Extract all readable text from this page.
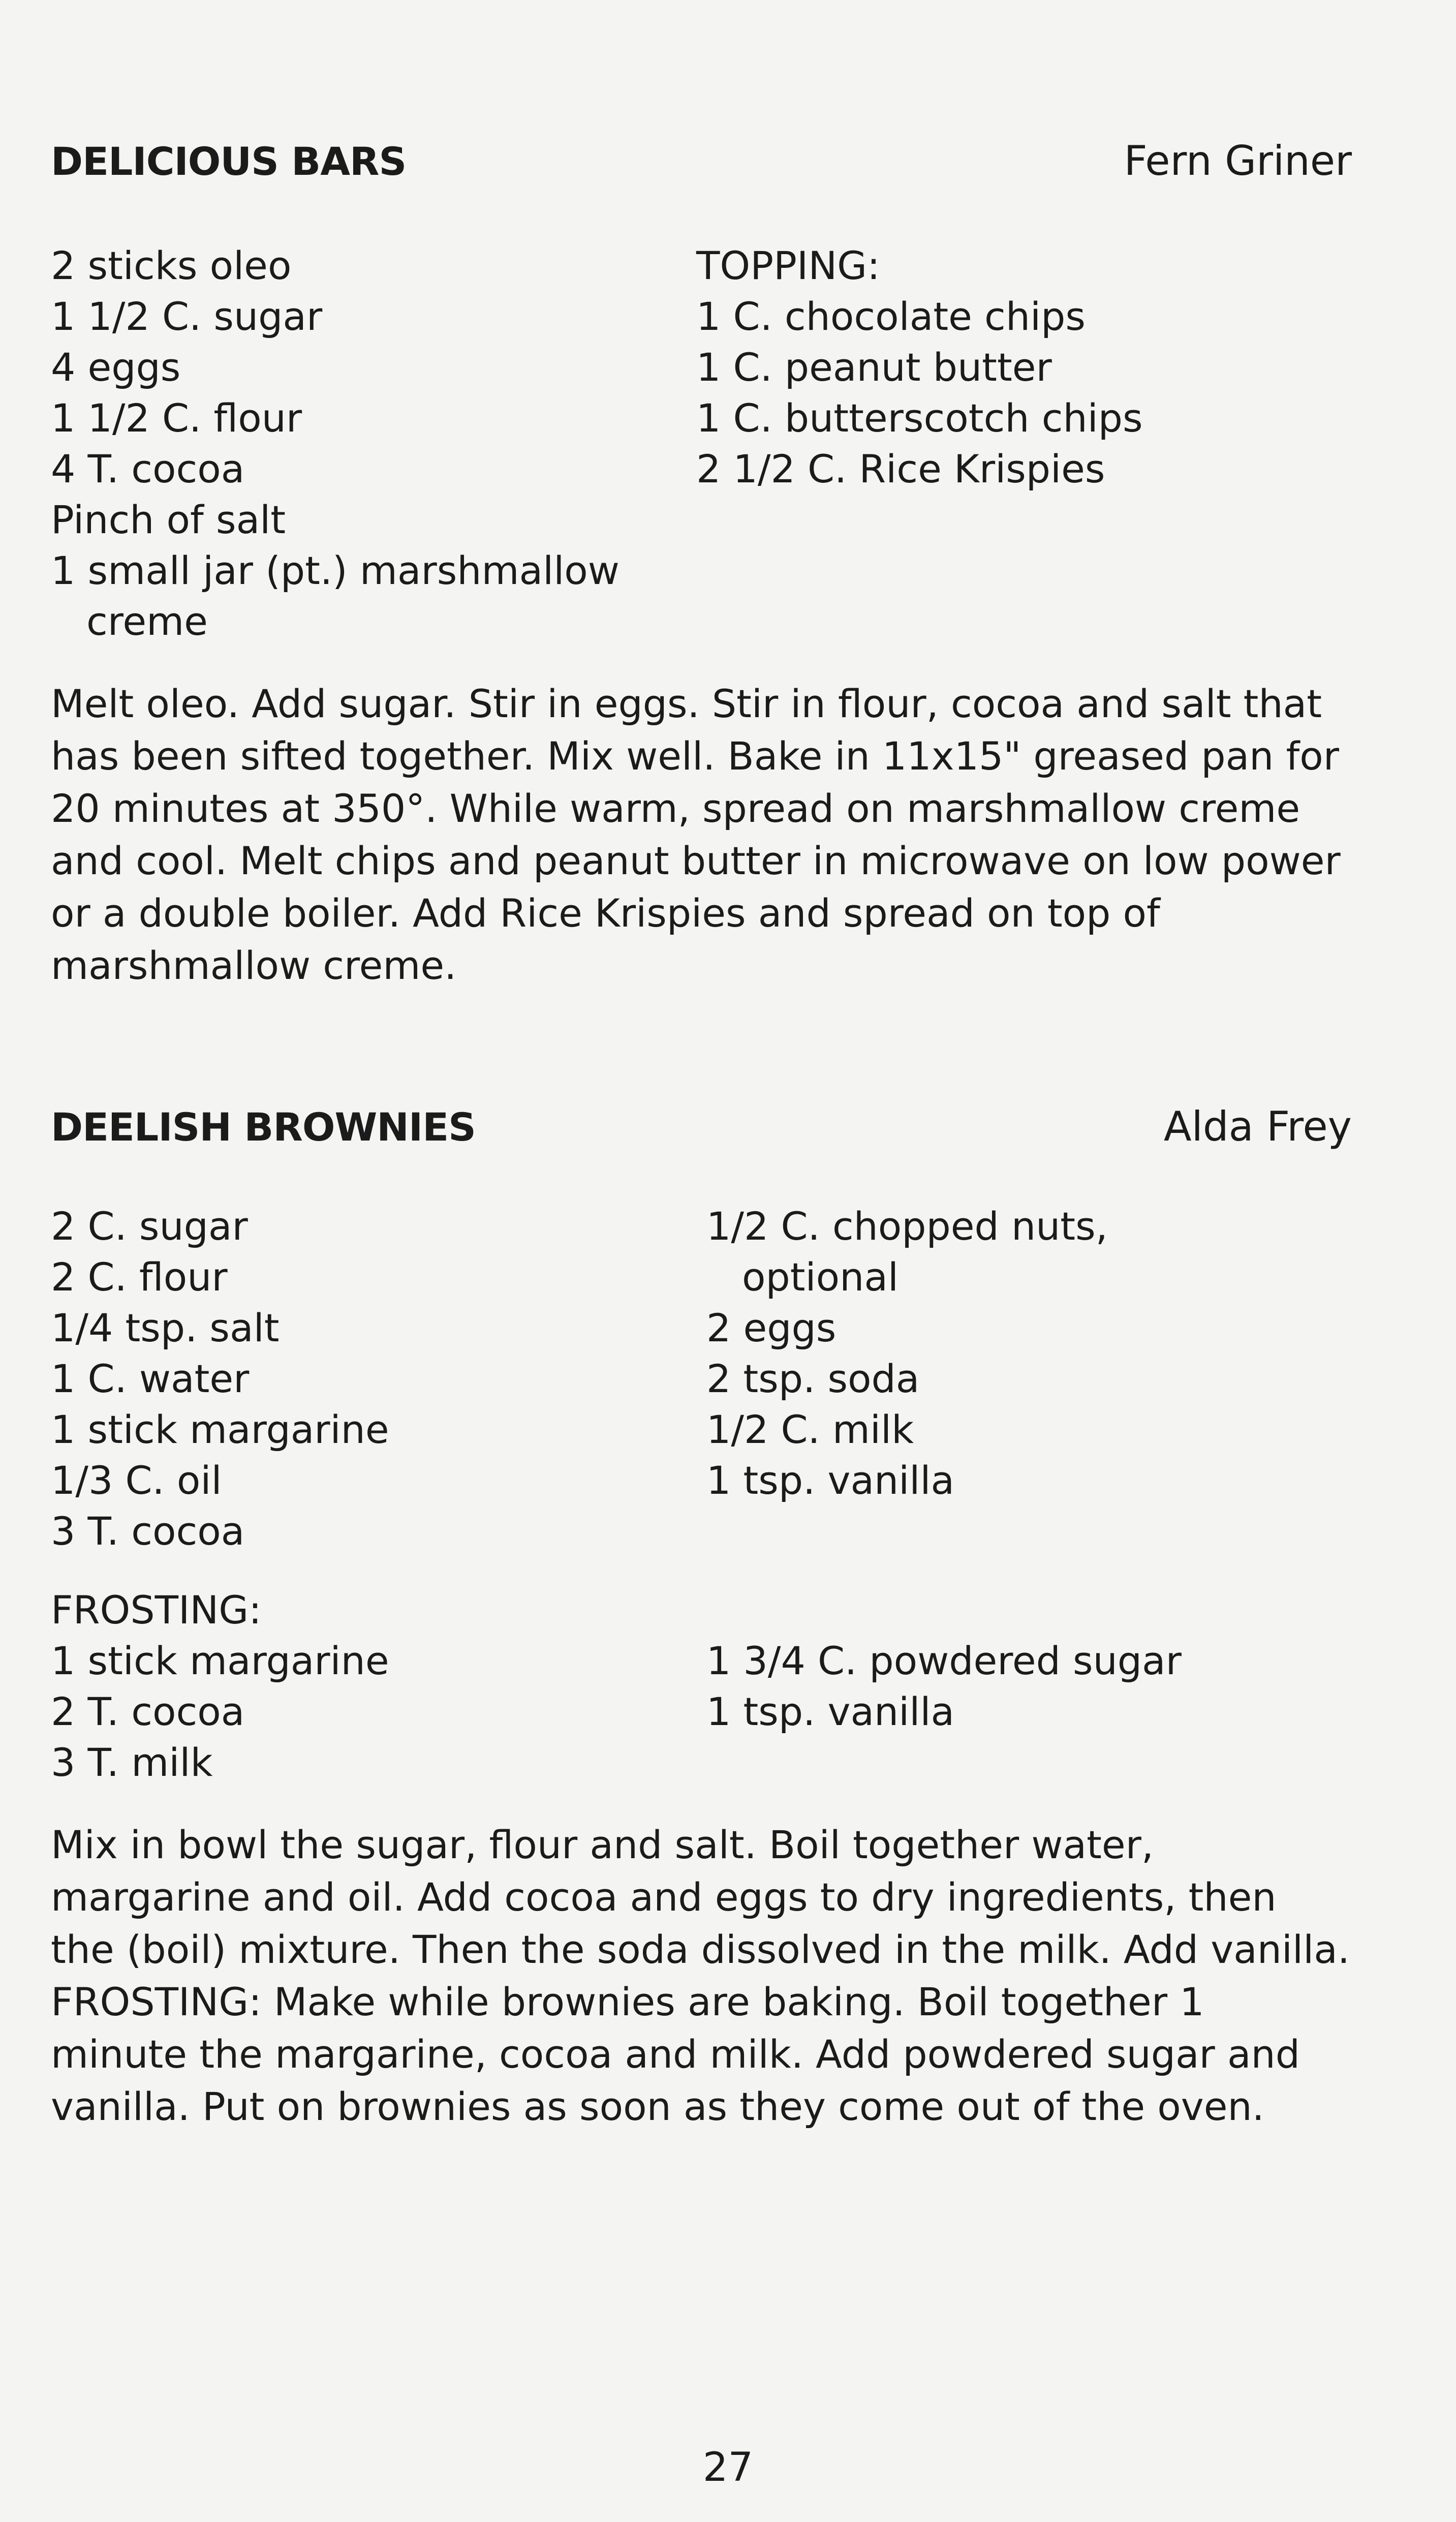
DELICIOUS BARS	Fern Griner
2 sticks oleo
1 1/2 C. sugar
4 eggs
1 1/2 C. flour
4 T. cocoa
Pinch of salt
1 small jar (pt.) marshmallow
creme
TOPPING:
1 C. chocolate chips
1 C. peanut butter
1 C. butterscotch chips
2 1/2 C. Rice Krispies

Melt oleo. Add sugar. Stir in eggs. Stir in flour, cocoa and salt that has been sifted together. Mix well. Bake in 11x15" greased pan for 20 minutes at 350°. While warm, spread on marshmallow creme and cool. Melt chips and peanut butter in microwave on low power or a double boiler. Add Rice Krispies and spread on top of marshmallow creme.

DEELISH BROWNIES	Alda Frey
2 C. sugar
2 C. flour
1/4 tsp. salt
1 C. water
1 stick margarine
1/3 C. oil
3 T. cocoa
1/2 C. chopped nuts,
optional
2 eggs
2 tsp. soda
1/2 C. milk
1 tsp. vanilla
FROSTING:
1 stick margarine
2 T. cocoa
3 T. milk
1 3/4 C. powdered sugar
1 tsp. vanilla

Mix in bowl the sugar, flour and salt. Boil together water, margarine and oil. Add cocoa and eggs to dry ingredients, then the (boil) mixture. Then the soda dissolved in the milk. Add vanilla.

FROSTING: Make while brownies are baking. Boil together 1 minute the margarine, cocoa and milk. Add powdered sugar and vanilla. Put on brownies as soon as they come out of the oven.

27
